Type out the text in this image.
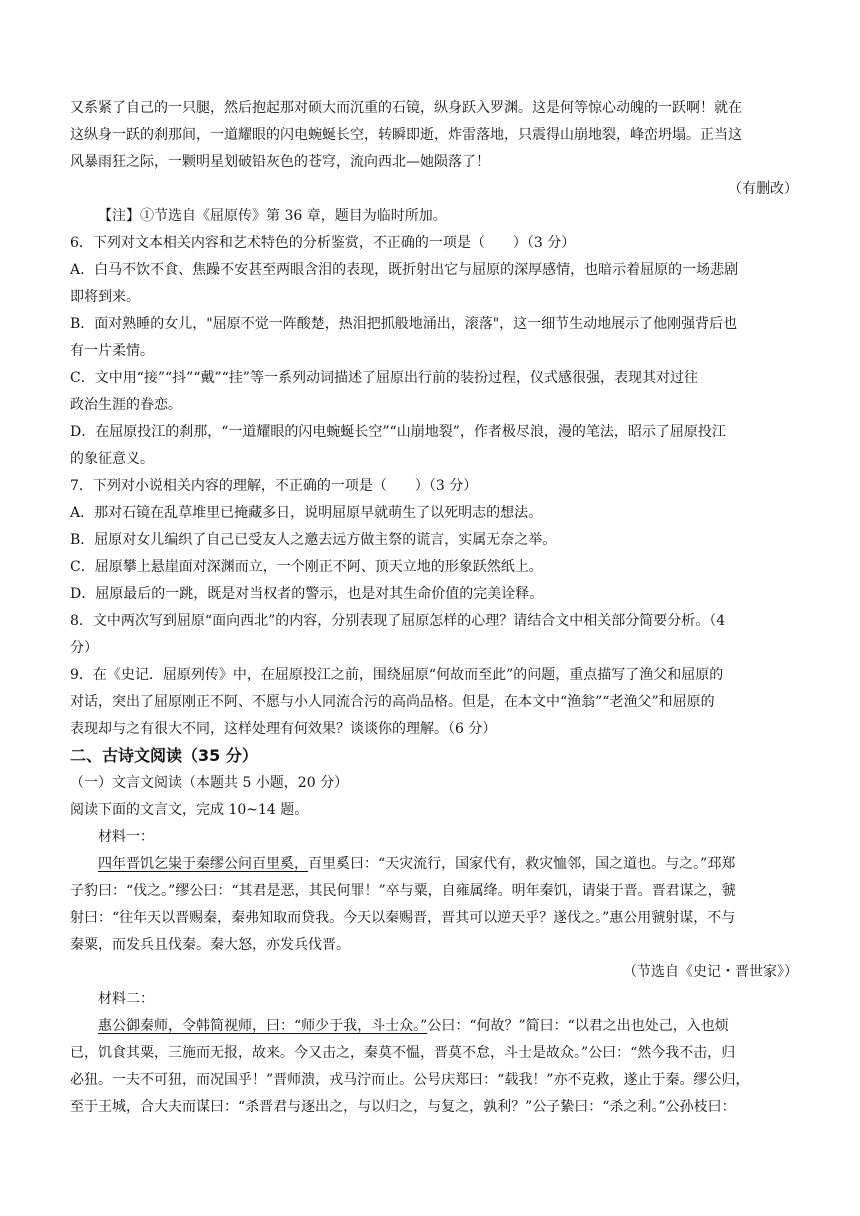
又系紧了自己的一只腿，然后抱起那对硕大而沉重的石镜，纵身跃入罗渊。这是何等惊心动魄的一跃啊！就在
这纵身一跃的刹那间，一道耀眼的闪电蜿蜒长空，转瞬即逝，炸雷落地，只震得山崩地裂，峰峦坍塌。正当这
风暴雨狂之际，一颗明星划破铅灰色的苍穹，流向西北—她陨落了！
（有删改）
【注】①节选自《屈原传》第 36 章，题目为临时所加。
6．下列对文本相关内容和艺术特色的分析鉴赏，不正确的一项是（　　）（3 分）
A．白马不饮不食、焦躁不安甚至两眼含泪的表现，既折射出它与屈原的深厚感情，也暗示着屈原的一场悲剧
即将到来。
B．面对熟睡的女儿，"屈原不觉一阵酸楚，热泪把抓般地涌出，滚落"，这一细节生动地展示了他刚强背后也
有一片柔情。
C．文中用“接”“抖”“戴”“挂”等一系列动词描述了屈原出行前的装扮过程，仪式感很强，表现其对过往
政治生涯的眷恋。
D．在屈原投江的刹那，“一道耀眼的闪电蜿蜒长空”“山崩地裂”，作者极尽浪，漫的笔法，昭示了屈原投江
的象征意义。
7．下列对小说相关内容的理解，不正确的一项是（　　）（3 分）
A．那对石镜在乱草堆里已掩藏多日，说明屈原早就萌生了以死明志的想法。
B．屈原对女儿编织了自己已受友人之邀去远方做主祭的谎言，实属无奈之举。
C．屈原攀上悬崖面对深渊而立，一个刚正不阿、顶天立地的形象跃然纸上。
D．屈原最后的一跳，既是对当权者的警示，也是对其生命价值的完美诠释。
8．文中两次写到屈原“面向西北”的内容，分别表现了屈原怎样的心理？请结合文中相关部分简要分析。（4
分）
9．在《史记．屈原列传》中，在屈原投江之前，围绕屈原“何故而至此”的问题，重点描写了渔父和屈原的
对话，突出了屈原刚正不阿、不愿与小人同流合污的高尚品格。但是，在本文中“渔翁”“老渔父”和屈原的
表现却与之有很大不同，这样处理有何效果？谈谈你的理解。（6 分）
二、古诗文阅读（35 分）
（一）文言文阅读（本题共 5 小题，20 分）
阅读下面的文言文，完成 10~14 题。
材料一：
四年晋饥乞粜于秦缪公问百里奚，百里奚曰：“天灾流行，国家代有，救灾恤邻，国之道也。与之。”邳郑
子豹曰：“伐之。”缪公曰：“其君是恶，其民何罪！”卒与粟，自雍属绛。明年秦饥，请粜于晋。晋君谋之，虢
射曰：“往年天以晋赐秦，秦弗知取而贷我。今天以秦赐晋，晋其可以逆天乎？遂伐之。”惠公用虢射谋，不与
秦粟，而发兵且伐秦。秦大怒，亦发兵伐晋。
（节选自《史记・晋世家》）
材料二：
惠公御秦师，令韩简视师，曰：“师少于我，斗士众。”公曰：“何故？”简曰：“以君之出也处己，入也烦
已，饥食其粟，三施而无报，故来。今又击之，秦莫不愠，晋莫不怠，斗士是故众。”公曰：“然今我不击，归
必狃。一夫不可狃，而况国乎！”晋师溃，戎马泞而止。公号庆郑曰：“载我！”亦不克救，遂止于秦。缪公归，
至于王城，合大夫而谋曰：“杀晋君与逐出之，与以归之，与复之，孰利？”公子絷曰：“杀之利。”公孙枝曰：
